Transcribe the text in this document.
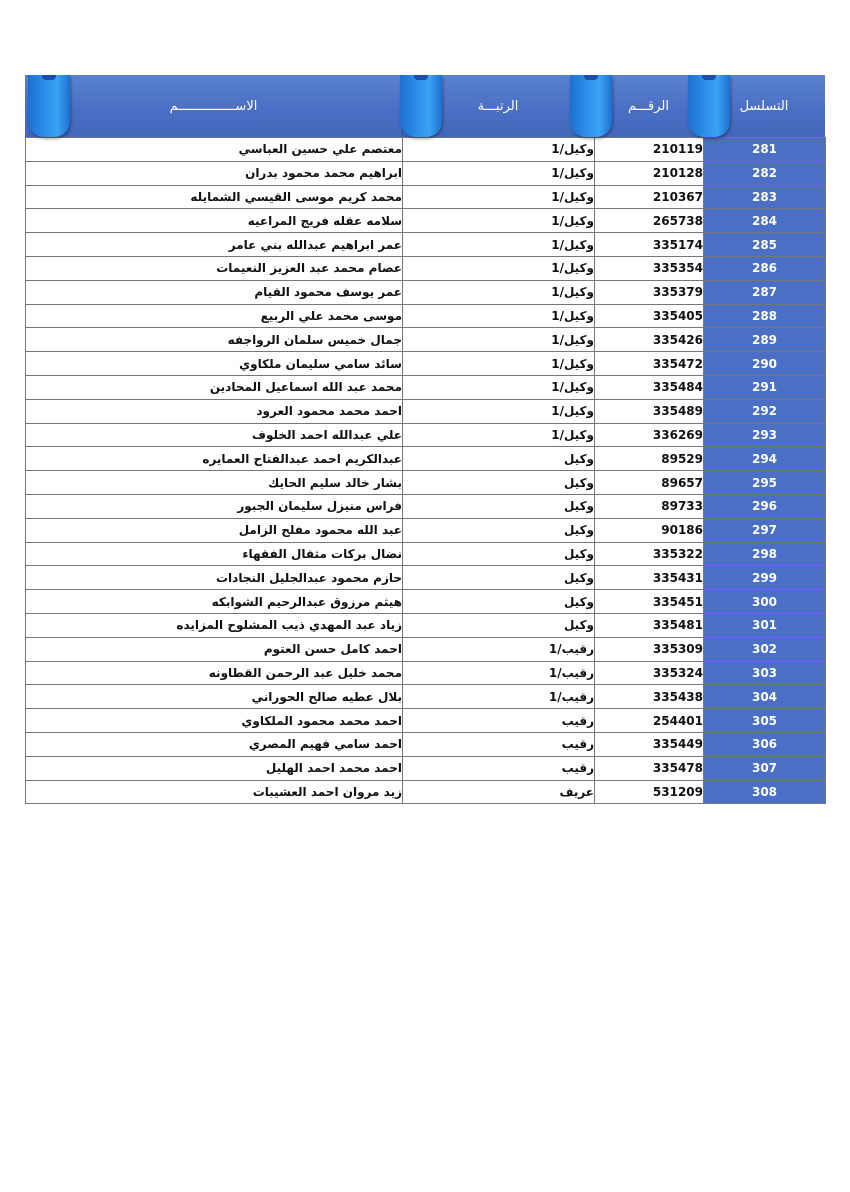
الاســـــــــــــــم	الرتبـــة	الرقـــم	التسلسل
معتصم علي حسين العباسي	وكيل/1	210119	281
ابراهيم محمد محمود بدران	وكيل/1	210128	282
محمد كريم موسى القيسي الشمايله	وكيل/1	210367	283
سلامه عقله فريج المراعيه	وكيل/1	265738	284
عمر ابراهيم عبدالله بني عامر	وكيل/1	335174	285
عصام محمد عبد العزيز النعيمات	وكيل/1	335354	286
عمر يوسف محمود القيام	وكيل/1	335379	287
موسى محمد علي الربيع	وكيل/1	335405	288
جمال خميس سلمان الرواجفه	وكيل/1	335426	289
سائد سامي سليمان ملكاوي	وكيل/1	335472	290
محمد عبد الله اسماعيل المحادين	وكيل/1	335484	291
احمد محمد محمود العرود	وكيل/1	335489	292
علي عبدالله احمد الخلوف	وكيل/1	336269	293
عبدالكريم احمد عبدالفتاح العمايره	وكيل	89529	294
بشار خالد سليم الحايك	وكيل	89657	295
فراس منيزل سليمان الجبور	وكيل	89733	296
عبد الله محمود مفلح الزامل	وكيل	90186	297
نضال بركات مثقال الفقهاء	وكيل	335322	298
حازم محمود عبدالجليل النجادات	وكيل	335431	299
هيثم مرزوق عبدالرحيم الشوابكه	وكيل	335451	300
زياد عبد المهدي ذيب المشلوح المزايده	وكيل	335481	301
احمد كامل حسن العتوم	رقيب/1	335309	302
محمد خليل عبد الرحمن القطاونه	رقيب/1	335324	303
بلال عطيه صالح الحوراني	رقيب/1	335438	304
احمد محمد محمود الملكاوي	رقيب	254401	305
احمد سامي فهيم المصري	رقيب	335449	306
احمد محمد احمد الهليل	رقيب	335478	307
زيد مروان احمد العشيبات	عريف	531209	308
